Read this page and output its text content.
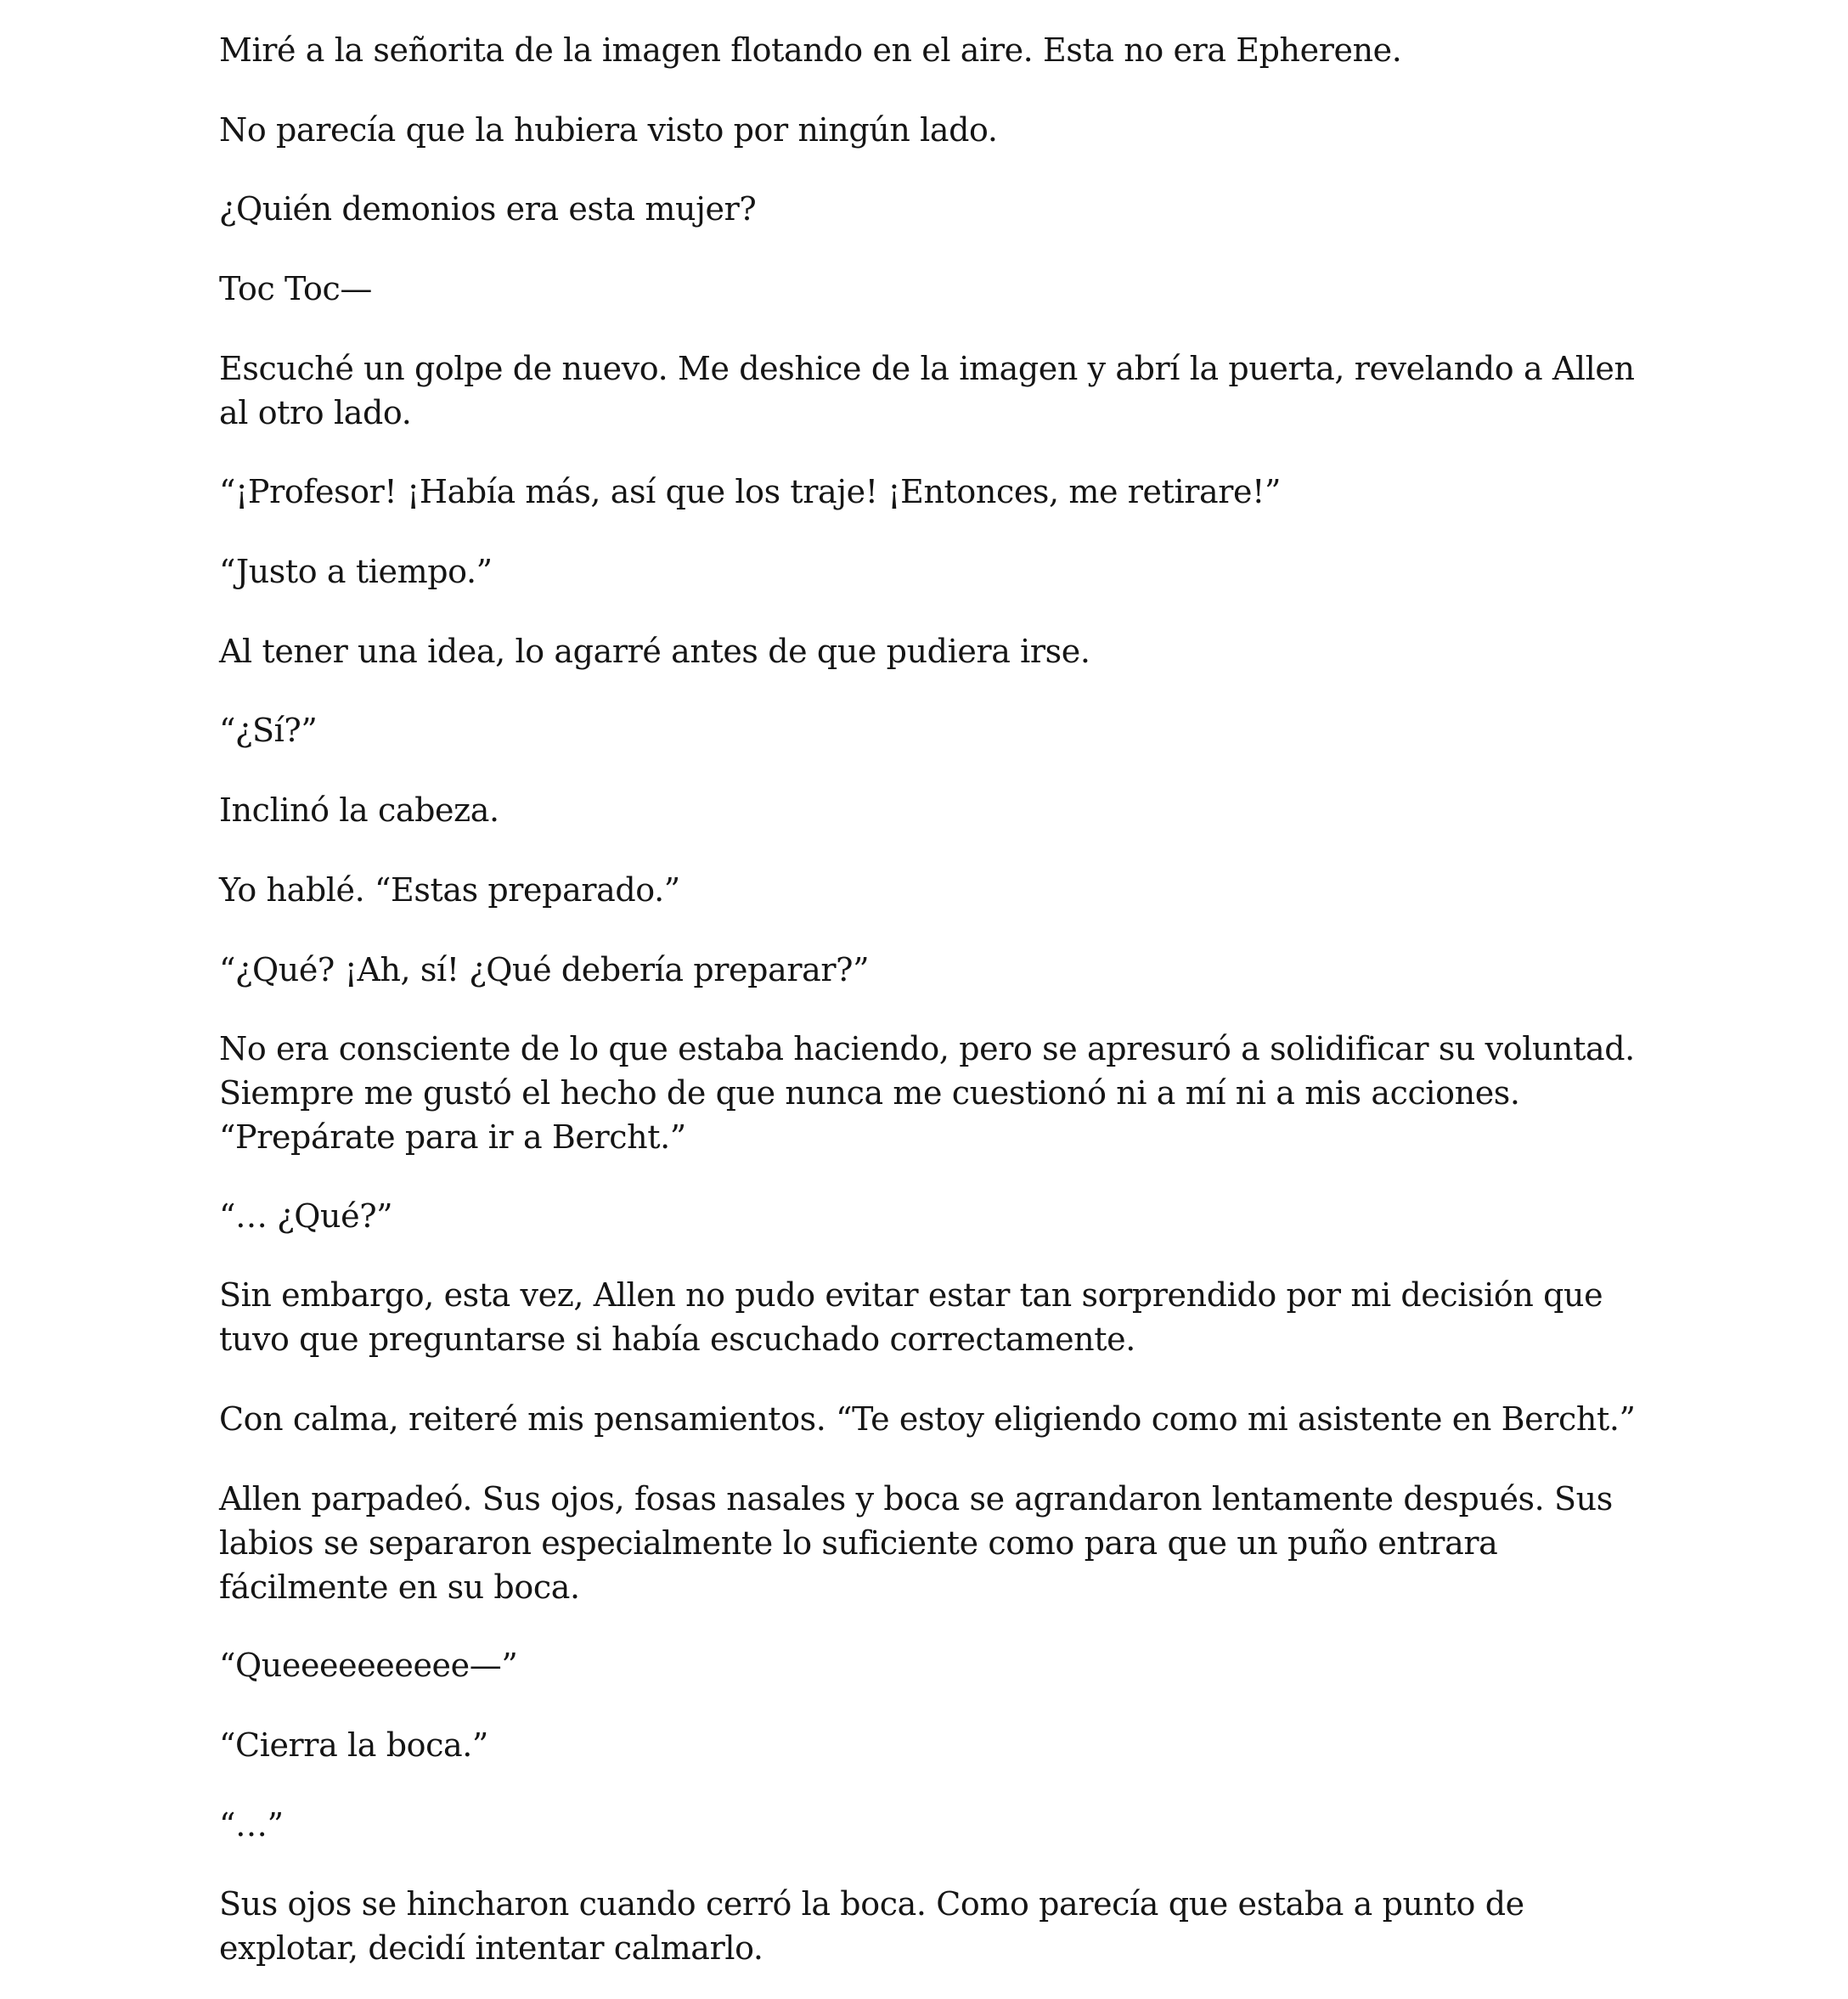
Miré a la señorita de la imagen flotando en el aire. Esta no era Epherene.

No parecía que la hubiera visto por ningún lado.

¿Quién demonios era esta mujer?

Toc Toc—

Escuché un golpe de nuevo. Me deshice de la imagen y abrí la puerta, revelando a Allen al otro lado.

“¡Profesor! ¡Había más, así que los traje! ¡Entonces, me retirare!”

“Justo a tiempo.”

Al tener una idea, lo agarré antes de que pudiera irse.

“¿Sí?”

Inclinó la cabeza.

Yo hablé. “Estas preparado.”

“¿Qué? ¡Ah, sí! ¿Qué debería preparar?”

No era consciente de lo que estaba haciendo, pero se apresuró a solidificar su voluntad. Siempre me gustó el hecho de que nunca me cuestionó ni a mí ni a mis acciones. “Prepárate para ir a Bercht.”

“… ¿Qué?”

Sin embargo, esta vez, Allen no pudo evitar estar tan sorprendido por mi decisión que tuvo que preguntarse si había escuchado correctamente.

Con calma, reiteré mis pensamientos. “Te estoy eligiendo como mi asistente en Bercht.”

Allen parpadeó. Sus ojos, fosas nasales y boca se agrandaron lentamente después. Sus labios se separaron especialmente lo suficiente como para que un puño entrara fácilmente en su boca.

“Queeeeeeeeee—”

“Cierra la boca.”

“…”

Sus ojos se hincharon cuando cerró la boca. Como parecía que estaba a punto de explotar, decidí intentar calmarlo.
